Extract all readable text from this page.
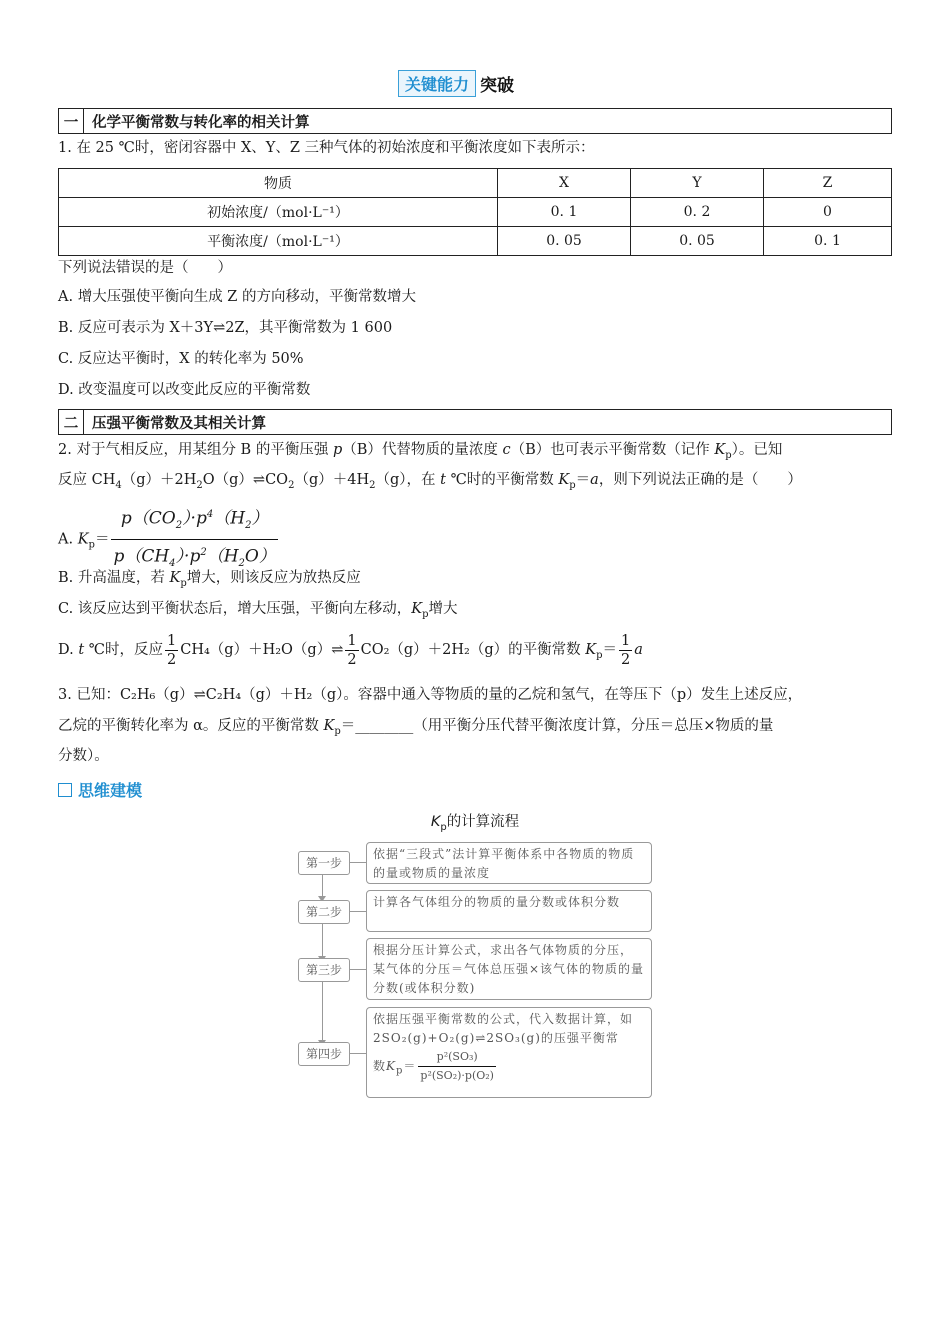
关键能力 突破
一 化学平衡常数与转化率的相关计算
1. 在 25 ℃时，密闭容器中 X、Y、Z 三种气体的初始浓度和平衡浓度如下表所示：
物质	X	Y	Z
初始浓度/（mol·L⁻¹）	0. 1	0. 2	0
平衡浓度/（mol·L⁻¹）	0. 05	0. 05	0. 1
下列说法错误的是（　　）
A. 增大压强使平衡向生成 Z 的方向移动，平衡常数增大
B. 反应可表示为 X＋3Y⇌2Z，其平衡常数为 1 600
C. 反应达平衡时，X 的转化率为 50%
D. 改变温度可以改变此反应的平衡常数
二 压强平衡常数及其相关计算
2. 对于气相反应，用某组分 B 的平衡压强 p（B）代替物质的量浓度 c（B）也可表示平衡常数（记作 $K_p$）。已知
反应 $CH_4(g)+2H_2O(g)\rightleftharpoons CO_2(g)+4H_2(g)$，在 t ℃时的平衡常数 $K_p=a$，则下列说法正确的是（　　）
A. $K_p= \frac{p(CO_2)\cdot p^4(H_2)}{p(CH_4)\cdot p^2(H_2O)}$
B. 升高温度，若 $K_p$增大，则该反应为放热反应
C. 该反应达到平衡状态后，增大压强，平衡向左移动，$K_p$增大
D. t ℃时，反应 $\frac{1}{2}$ CH₄（g）＋H₂O（g）⇌ $\frac{1}{2} CO_2(g)+2H_2(g)$的平衡常数 $K_p= \frac{1}{2}$ a
3. 已知：C₂H₆（g）⇌C₂H₄（g）＋H₂（g）。容器中通入等物质的量的乙烷和氢气，在等压下（p）发生上述反应，
乙烷的平衡转化率为 α。反应的平衡常数 $K_p=\_\_\_\_\_\_\_\_$（用平衡分压代替平衡浓度计算，分压＝总压×物质的量
分数）。
思维建模
$K_p$的计算流程
第一步
依据“三段式”法计算平衡体系中各物质的物质的量或物质的量浓度
第二步
计算各气体组分的物质的量分数或体积分数
第三步
根据分压计算公式，求出各气体物质的分压，某气体的分压＝气体总压强×该气体的物质的量分数(或体积分数)
第四步
依据压强平衡常数的公式，代入数据计算，如2SO₂(g)+O₂(g)⇌2SO₃(g)的压强平衡常
数$K_p= \frac{\text{p²(SO₃)}}{\text{p²(SO₂)·p(O₂)}}$
